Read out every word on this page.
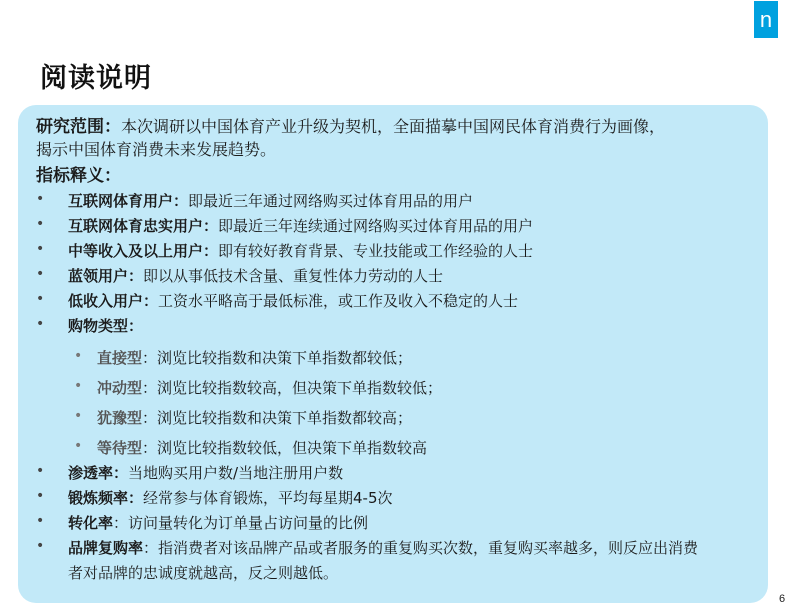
n
阅读说明
研究范围：本次调研以中国体育产业升级为契机，全面描摹中国网民体育消费行为画像，
揭示中国体育消费未来发展趋势。
指标释义：
• 互联网体育用户：即最近三年通过网络购买过体育用品的用户
• 互联网体育忠实用户：即最近三年连续通过网络购买过体育用品的用户
• 中等收入及以上用户：即有较好教育背景、专业技能或工作经验的人士
• 蓝领用户：即以从事低技术含量、重复性体力劳动的人士
• 低收入用户：工资水平略高于最低标准，或工作及收入不稳定的人士
• 购物类型：
• 直接型：浏览比较指数和决策下单指数都较低；
• 冲动型：浏览比较指数较高，但决策下单指数较低；
• 犹豫型：浏览比较指数和决策下单指数都较高；
• 等待型：浏览比较指数较低，但决策下单指数较高
• 渗透率：当地购买用户数/当地注册用户数
• 锻炼频率：经常参与体育锻炼，平均每星期4-5次
• 转化率：访问量转化为订单量占访问量的比例
• 品牌复购率：指消费者对该品牌产品或者服务的重复购买次数，重复购买率越多，则反应出消费
者对品牌的忠诚度就越高，反之则越低。
6
